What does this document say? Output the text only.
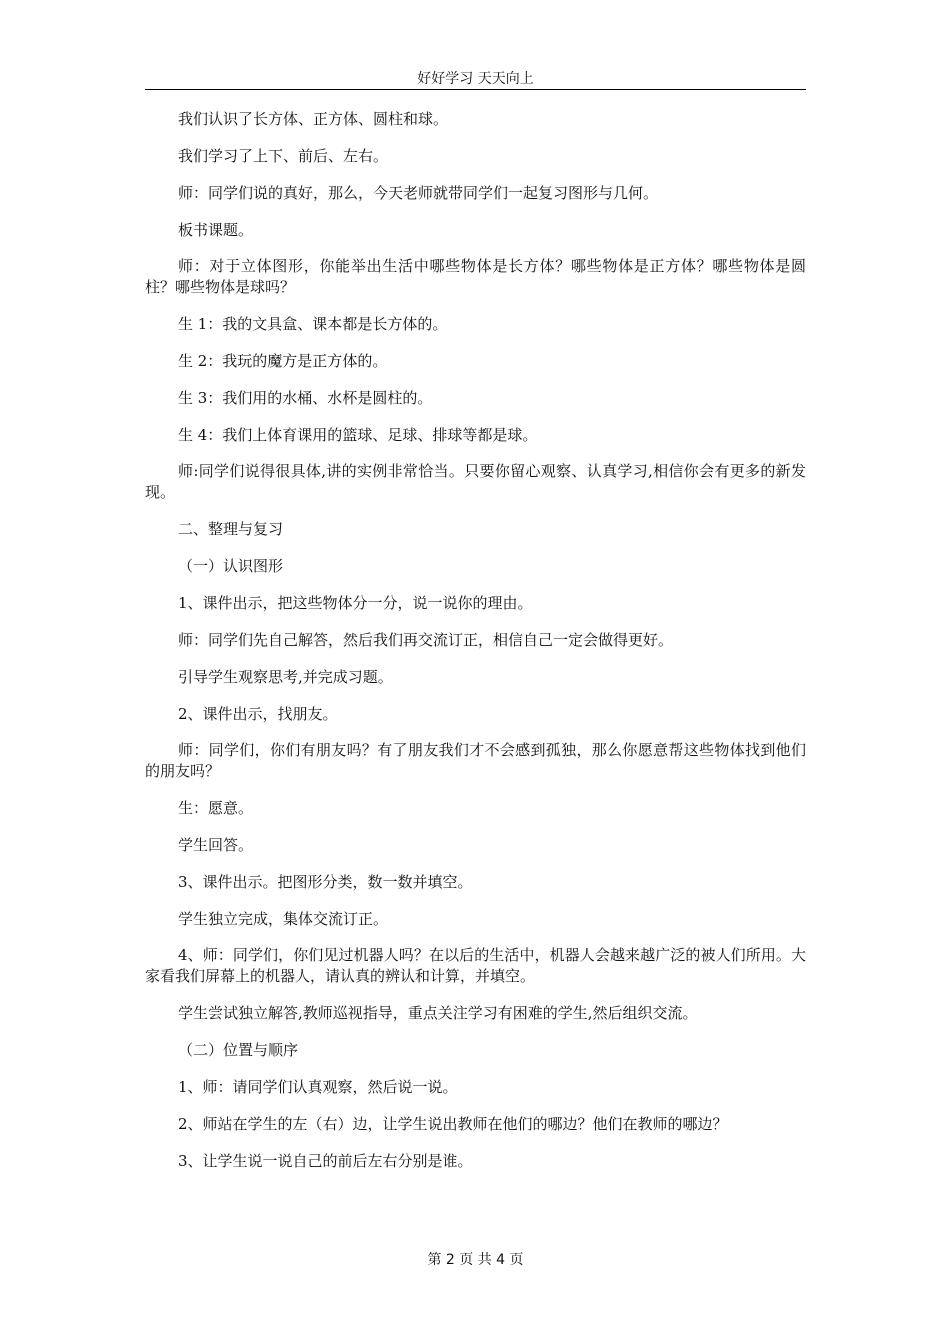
好好学习 天天向上

我们认识了长方体、正方体、圆柱和球。

我们学习了上下、前后、左右。

师：同学们说的真好，那么，今天老师就带同学们一起复习图形与几何。

板书课题。

师：对于立体图形，你能举出生活中哪些物体是长方体？哪些物体是正方体？哪些物体是圆柱？哪些物体是球吗？

生 1：我的文具盒、课本都是长方体的。

生 2：我玩的魔方是正方体的。

生 3：我们用的水桶、水杯是圆柱的。

生 4：我们上体育课用的篮球、足球、排球等都是球。

师:同学们说得很具体,讲的实例非常恰当。只要你留心观察、认真学习,相信你会有更多的新发现。

二、整理与复习

（一）认识图形

1、课件出示，把这些物体分一分，说一说你的理由。

师：同学们先自己解答，然后我们再交流订正，相信自己一定会做得更好。

引导学生观察思考,并完成习题。

2、课件出示，找朋友。

师：同学们，你们有朋友吗？有了朋友我们才不会感到孤独，那么你愿意帮这些物体找到他们的朋友吗？

生：愿意。

学生回答。

3、课件出示。把图形分类，数一数并填空。

学生独立完成，集体交流订正。

4、师：同学们，你们见过机器人吗？在以后的生活中，机器人会越来越广泛的被人们所用。大家看我们屏幕上的机器人，请认真的辨认和计算，并填空。

学生尝试独立解答,教师巡视指导，重点关注学习有困难的学生,然后组织交流。

（二）位置与顺序

1、师：请同学们认真观察，然后说一说。

2、师站在学生的左（右）边，让学生说出教师在他们的哪边？他们在教师的哪边？

3、让学生说一说自己的前后左右分别是谁。

第 2 页 共 4 页
